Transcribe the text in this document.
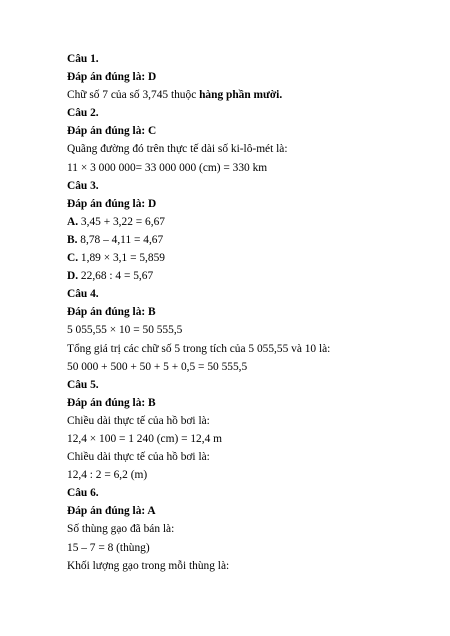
Câu 1.
Đáp án đúng là: D
Chữ số 7 của số 3,745 thuộc hàng phần mười.
Câu 2.
Đáp án đúng là: C
Quãng đường đó trên thực tế dài số ki-lô-mét là:
11 × 3 000 000= 33 000 000 (cm) = 330 km
Câu 3.
Đáp án đúng là: D
A. 3,45 + 3,22 = 6,67
B. 8,78 – 4,11 = 4,67
C. 1,89 × 3,1 = 5,859
D. 22,68 : 4 = 5,67
Câu 4.
Đáp án đúng là: B
5 055,55 × 10 = 50 555,5
Tổng giá trị các chữ số 5 trong tích của 5 055,55 và 10 là:
50 000 + 500 + 50 + 5 + 0,5 = 50 555,5
Câu 5.
Đáp án đúng là: B
Chiều dài thực tế của hồ bơi là:
12,4 × 100 = 1 240 (cm) = 12,4 m
Chiều dài thực tế của hồ bơi là:
12,4 : 2 = 6,2 (m)
Câu 6.
Đáp án đúng là: A
Số thùng gạo đã bán là:
15 – 7 = 8 (thùng)
Khối lượng gạo trong mỗi thùng là:
